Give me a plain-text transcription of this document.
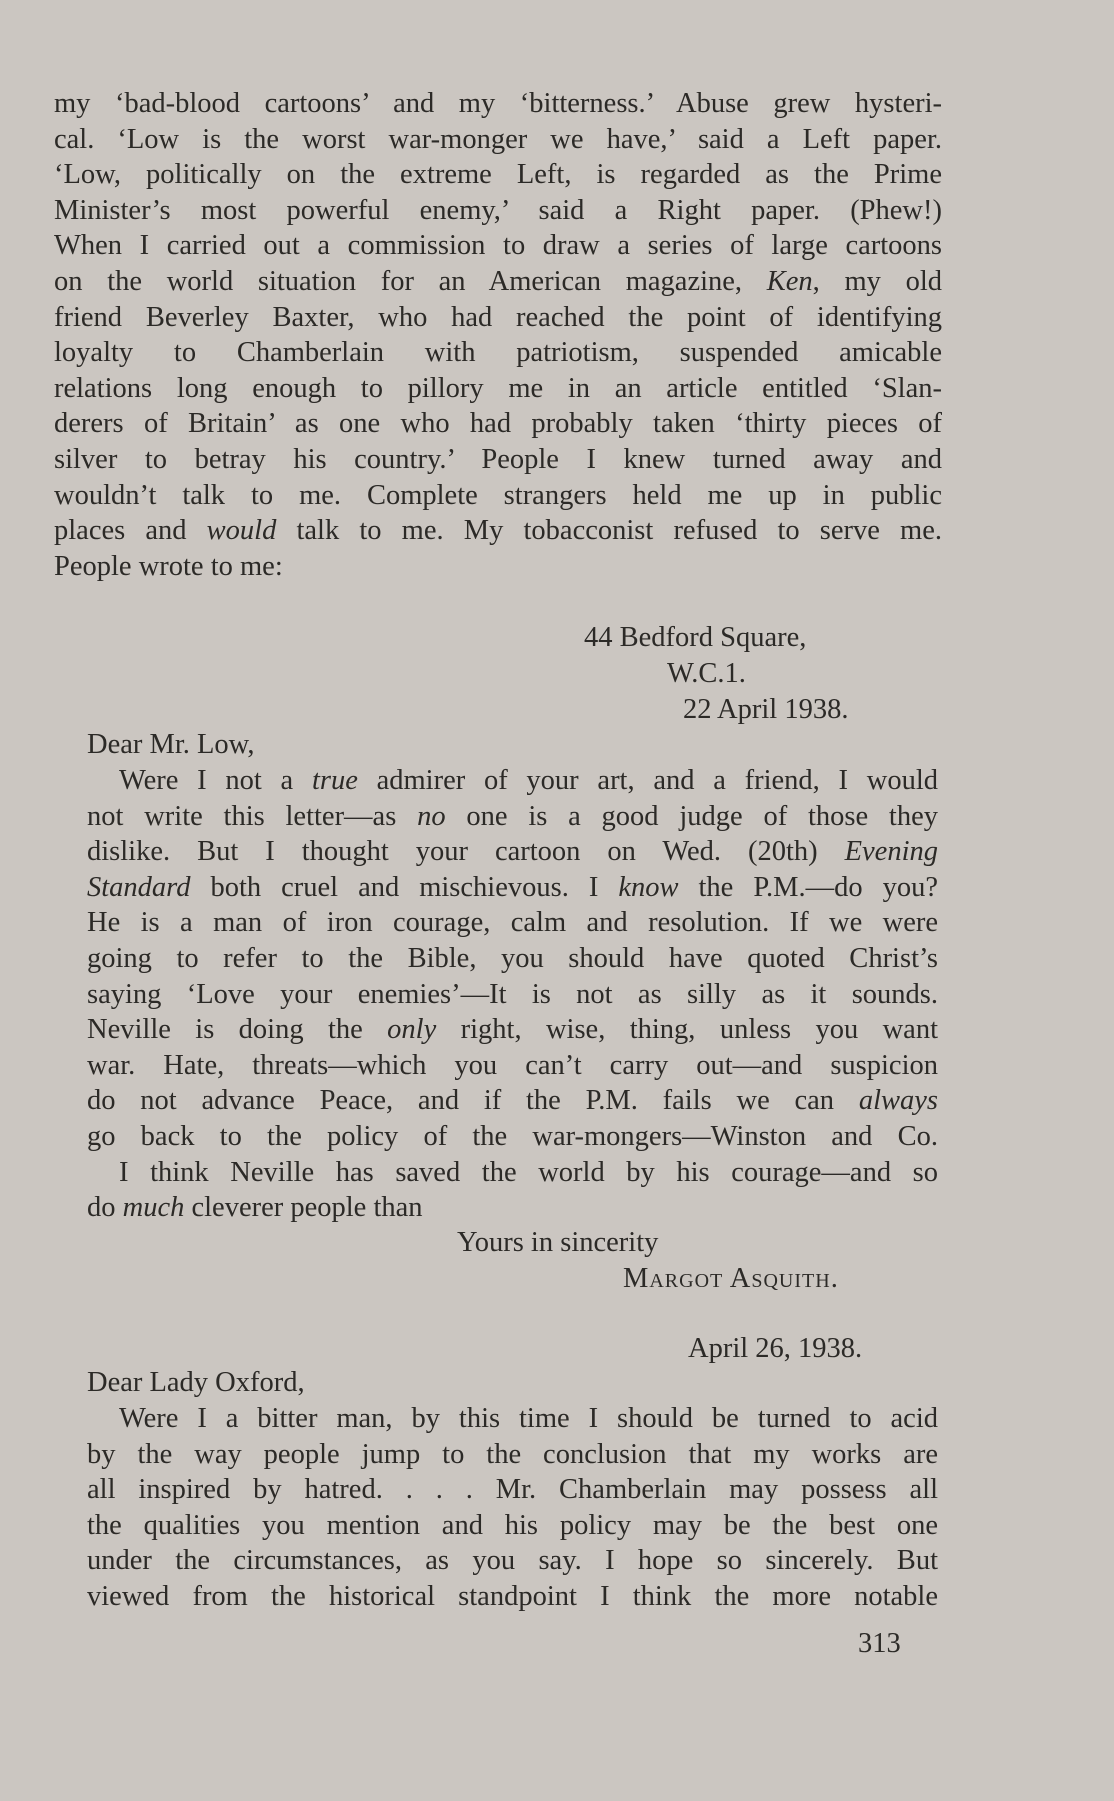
my ‘bad-blood cartoons’ and my ‘bitterness.’ Abuse grew hysteri-
cal. ‘Low is the worst war-monger we have,’ said a Left paper.
‘Low, politically on the extreme Left, is regarded as the Prime
Minister’s most powerful enemy,’ said a Right paper. (Phew!)
When I carried out a commission to draw a series of large cartoons
on the world situation for an American magazine, Ken, my old
friend Beverley Baxter, who had reached the point of identifying
loyalty to Chamberlain with patriotism, suspended amicable
relations long enough to pillory me in an article entitled ‘Slan-
derers of Britain’ as one who had probably taken ‘thirty pieces of
silver to betray his country.’ People I knew turned away and
wouldn’t talk to me. Complete strangers held me up in public
places and would talk to me. My tobacconist refused to serve me.
People wrote to me:
44 Bedford Square,
W.C.1.
22 April 1938.
Dear Mr. Low,
Were I not a true admirer of your art, and a friend, I would
not write this letter—as no one is a good judge of those they
dislike. But I thought your cartoon on Wed. (20th) Evening
Standard both cruel and mischievous. I know the P.M.—do you?
He is a man of iron courage, calm and resolution. If we were
going to refer to the Bible, you should have quoted Christ’s
saying ‘Love your enemies’—It is not as silly as it sounds.
Neville is doing the only right, wise, thing, unless you want
war. Hate, threats—which you can’t carry out—and suspicion
do not advance Peace, and if the P.M. fails we can always
go back to the policy of the war-mongers—Winston and Co.
I think Neville has saved the world by his courage—and so
do much cleverer people than
Yours in sincerity
Margot Asquith.
April 26, 1938.
Dear Lady Oxford,
Were I a bitter man, by this time I should be turned to acid
by the way people jump to the conclusion that my works are
all inspired by hatred. . . . Mr. Chamberlain may possess all
the qualities you mention and his policy may be the best one
under the circumstances, as you say. I hope so sincerely. But
viewed from the historical standpoint I think the more notable
313
